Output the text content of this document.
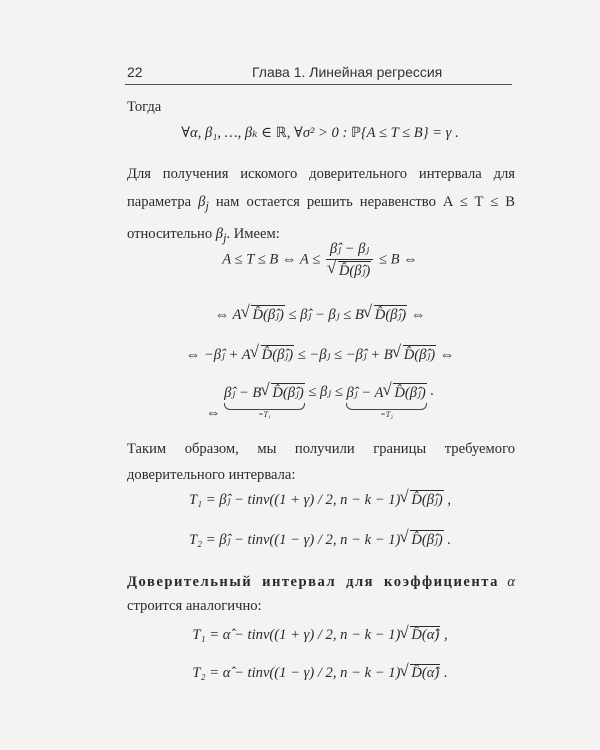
22	Глава 1. Линейная регрессия
Тогда
∀α, β₁, …, βₖ ∈ ℝ, ∀σ² > 0 : ℙ{A ≤ T ≤ B} = γ .
Для получения искомого доверительного интервала для параметра $\beta_j$ нам остается решить неравенство A ≤ T ≤ B относительно $\beta_j$. Имеем:
A ≤ T ≤ B ⇔ A ≤ β̂ⱼ − βⱼ
√ D̂(β̂ⱼ) ≤ B ⇔
⇔ A √ D̂(β̂ⱼ) ≤ β̂ⱼ − βⱼ ≤ B √ D̂(β̂ⱼ) ⇔
⇔ −β̂ⱼ + A √ D̂(β̂ⱼ) ≤ −βⱼ ≤ −β̂ⱼ + B √ D̂(β̂ⱼ) ⇔
⇔ β̂ⱼ − B √ D̂(β̂ⱼ)
=T₁
≤ βⱼ ≤ β̂ⱼ − A √ D̂(β̂ⱼ)
=T₂
.
Таким образом, мы получили границы требуемого доверительного интервала:
T₁ = β̂ⱼ − tinv((1 + γ) / 2, n − k − 1) √ D̂(β̂ⱼ) ,
T₂ = β̂ⱼ − tinv((1 − γ) / 2, n − k − 1) √ D̂(β̂ⱼ) .
Доверительный интервал для коэффициента α строится аналогично:
T₁ = α̂ − tinv((1 + γ) / 2, n − k − 1) √ D̂(α̂) ,
T₂ = α̂ − tinv((1 − γ) / 2, n − k − 1) √ D̂(α̂) .
